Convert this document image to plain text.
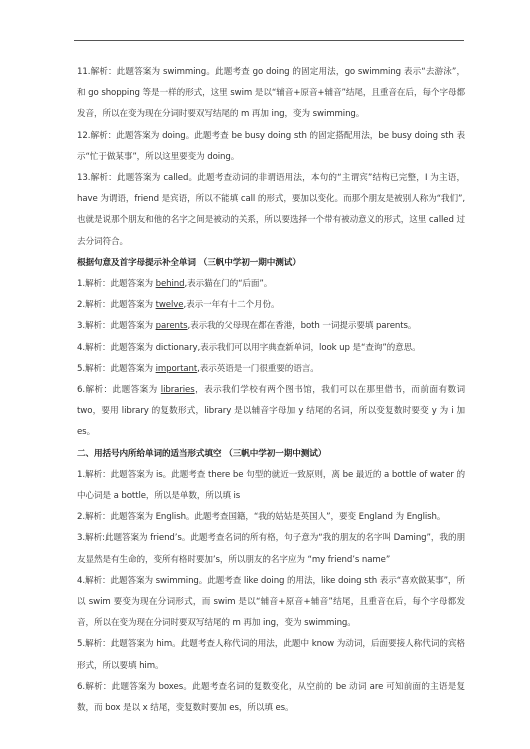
11.解析：此题答案为 swimming。此题考查 go doing 的固定用法，go swimming 表示“去游泳”，和 go shopping 等是一样的形式，这里 swim 是以“辅音+原音+辅音”结尾，且重音在后，每个字母都发音，所以在变为现在分词时要双写结尾的 m 再加 ing，变为 swimming。

12.解析：此题答案为 doing。此题考查 be busy doing sth 的固定搭配用法，be busy doing sth 表示“忙于做某事”，所以这里要变为 doing。

13.解析：此题答案为 called。此题考查动词的非谓语用法，本句的“主谓宾”结构已完整，I 为主语，have 为谓语，friend 是宾语，所以不能填 call 的形式，要加以变化。而那个朋友是被别人称为“我们”,也就是说那个朋友和他的名字之间是被动的关系，所以要选择一个带有被动意义的形式，这里 called 过去分词符合。

根据句意及首字母提示补全单词 （三帆中学初一期中测试）

1.解析：此题答案为 behind,表示猫在门的“后面”。

2.解析：此题答案为 twelve,表示一年有十二个月份。

3.解析：此题答案为 parents,表示我的父母现在都在香港，both 一词提示要填 parents。

4.解析：此题答案为 dictionary,表示我们可以用字典查新单词，look up 是“查询”的意思。

5.解析：此题答案为 important,表示英语是一门很重要的语言。

6.解析：此题答案为 libraries，表示我们学校有两个图书馆，我们可以在那里借书，而前面有数词 two，要用 library 的复数形式，library 是以辅音字母加 y 结尾的名词，所以变复数时要变 y 为 i 加 es。

二、用括号内所给单词的适当形式填空 （三帆中学初一期中测试）

1.解析：此题答案为 is。此题考查 there be 句型的就近一致原则，离 be 最近的 a bottle of water 的中心词是 a bottle，所以是单数，所以填 is

2.解析：此题答案为 English。此题考查国籍，“我的姑姑是英国人”，要变 England 为 English。

3.解析:此题答案为 friend’s。此题考查名词的所有格，句子意为“我的朋友的名字叫 Daming”，我的朋友显然是有生命的，变所有格时要加’s，所以朋友的名字应为 “my friend’s name”

4.解析：此题答案为 swimming。此题考查 like doing 的用法，like doing sth 表示“喜欢做某事”，所以 swim 要变为现在分词形式，而 swim 是以“辅音+原音+辅音”结尾，且重音在后，每个字母都发音，所以在变为现在分词时要双写结尾的 m 再加 ing，变为 swimming。

5.解析：此题答案为 him。此题考查人称代词的用法，此题中 know 为动词，后面要接人称代词的宾格形式，所以要填 him。

6.解析：此题答案为 boxes。此题考查名词的复数变化，从空前的 be 动词 are 可知前面的主语是复数，而 box 是以 x 结尾，变复数时要加 es，所以填 es。
